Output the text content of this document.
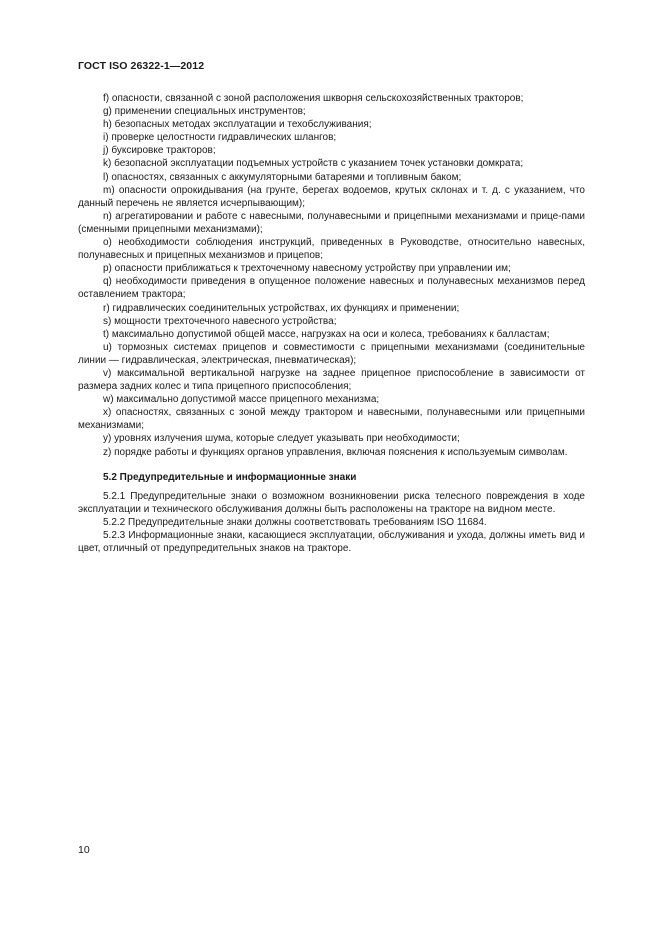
ГОСТ ISO 26322-1—2012

f) опасности, связанной с зоной расположения шкворня сельскохозяйственных тракторов;

g) применении специальных инструментов;

h) безопасных методах эксплуатации и техобслуживания;

i) проверке целостности гидравлических шлангов;

j) буксировке тракторов;

k) безопасной эксплуатации подъемных устройств с указанием точек установки домкрата;

l) опасностях, связанных с аккумуляторными батареями и топливным баком;

m) опасности опрокидывания (на грунте, берегах водоемов, крутых склонах и т. д. с указанием, что данный перечень не является исчерпывающим);

n) агрегатировании и работе с навесными, полунавесными и прицепными механизмами и прице-пами (сменными прицепными механизмами);

o) необходимости соблюдения инструкций, приведенных в Руководстве, относительно навесных, полунавесных и прицепных механизмов и прицепов;

p) опасности приближаться к трехточечному навесному устройству при управлении им;

q) необходимости приведения в опущенное положение навесных и полунавесных механизмов перед оставлением трактора;

r) гидравлических соединительных устройствах, их функциях и применении;

s) мощности трехточечного навесного устройства;

t) максимально допустимой общей массе, нагрузках на оси и колеса, требованиях к балластам;

u) тормозных системах прицепов и совместимости с прицепными механизмами (соединительные линии — гидравлическая, электрическая, пневматическая);

v) максимальной вертикальной нагрузке на заднее прицепное приспособление в зависимости от размера задних колес и типа прицепного приспособления;

w) максимально допустимой массе прицепного механизма;

x) опасностях, связанных с зоной между трактором и навесными, полунавесными или прицепными механизмами;

y) уровнях излучения шума, которые следует указывать при необходимости;

z) порядке работы и функциях органов управления, включая пояснения к используемым символам.

5.2 Предупредительные и информационные знаки

5.2.1 Предупредительные знаки о возможном возникновении риска телесного повреждения в ходе эксплуатации и технического обслуживания должны быть расположены на тракторе на видном месте.

5.2.2 Предупредительные знаки должны соответствовать требованиям ISO 11684.

5.2.3 Информационные знаки, касающиеся эксплуатации, обслуживания и ухода, должны иметь вид и цвет, отличный от предупредительных знаков на тракторе.

10
